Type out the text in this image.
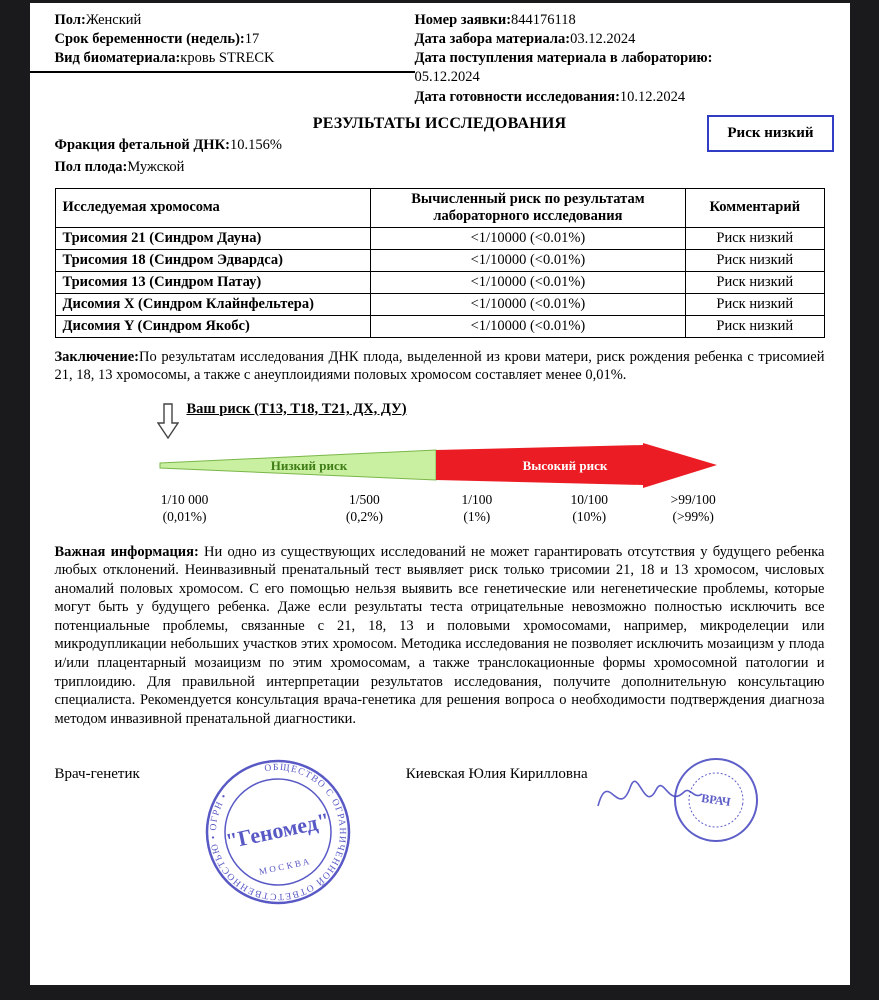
Пол:Женский
Срок беременности (недель):17
Вид биоматериала:кровь STRECK
Номер заявки:844176118
Дата забора материала:03.12.2024
Дата поступления материала в лабораторию:
05.12.2024
Дата готовности исследования:10.12.2024
РЕЗУЛЬТАТЫ ИССЛЕДОВАНИЯ
Риск низкий
Фракция фетальной ДНК:10.156%
Пол плода:Мужской
Исследуемая хромосома	Вычисленный риск по результатам лабораторного исследования	Комментарий
Трисомия 21 (Синдром Дауна)	<1/10000 (<0.01%)	Риск низкий
Трисомия 18 (Синдром Эдвардса)	<1/10000 (<0.01%)	Риск низкий
Трисомия 13 (Синдром Патау)	<1/10000 (<0.01%)	Риск низкий
Дисомия X (Синдром Клайнфельтера)	<1/10000 (<0.01%)	Риск низкий
Дисомия Y (Синдром Якобс)	<1/10000 (<0.01%)	Риск низкий
Заключение:По результатам исследования ДНК плода, выделенной из крови матери, риск рождения ребенка с трисомией 21, 18, 13 хромосомы, а также с анеуплоидиями половых хромосом составляет менее 0,01%.
Ваш риск (Т13, Т18, Т21, ДХ, ДУ)
Низкий риск	Высокий риск
1/10 000
(0,01%)
1/500
(0,2%)
1/100
(1%)
10/100
(10%)
>99/100
(>99%)
Важная информация: Ни одно из существующих исследований не может гарантировать отсутствия у будущего ребенка любых отклонений. Неинвазивный пренатальный тест выявляет риск только трисомии 21, 18 и 13 хромосом, числовых аномалий половых хромосом. С его помощью нельзя выявить все генетические или негенетические проблемы, которые могут быть у будущего ребенка. Даже если результаты теста отрицательные невозможно полностью исключить все потенциальные проблемы, связанные с 21, 18, 13 и половыми хромосомами, например, микроделеции или микродупликации небольших участков этих хромосом. Методика исследования не позволяет исключить мозаицизм у плода и/или плацентарный мозаицизм по этим хромосомам, а также транслокационные формы хромосомной патологии и триплоидию. Для правильной интерпретации результатов исследования, получите дополнительную консультацию специалиста. Рекомендуется консультация врача-генетика для решения вопроса о необходимости подтверждения диагноза методом инвазивной пренатальной диагностики.
Врач-генетик	ОБЩЕСТВО С ОГРАНИЧЕННОЙ ОТВЕТСТВЕННОСТЬЮ • ОГРН •
"Геномед"
МОСКВА
Киевская Юлия Кирилловна
ВРАЧ
